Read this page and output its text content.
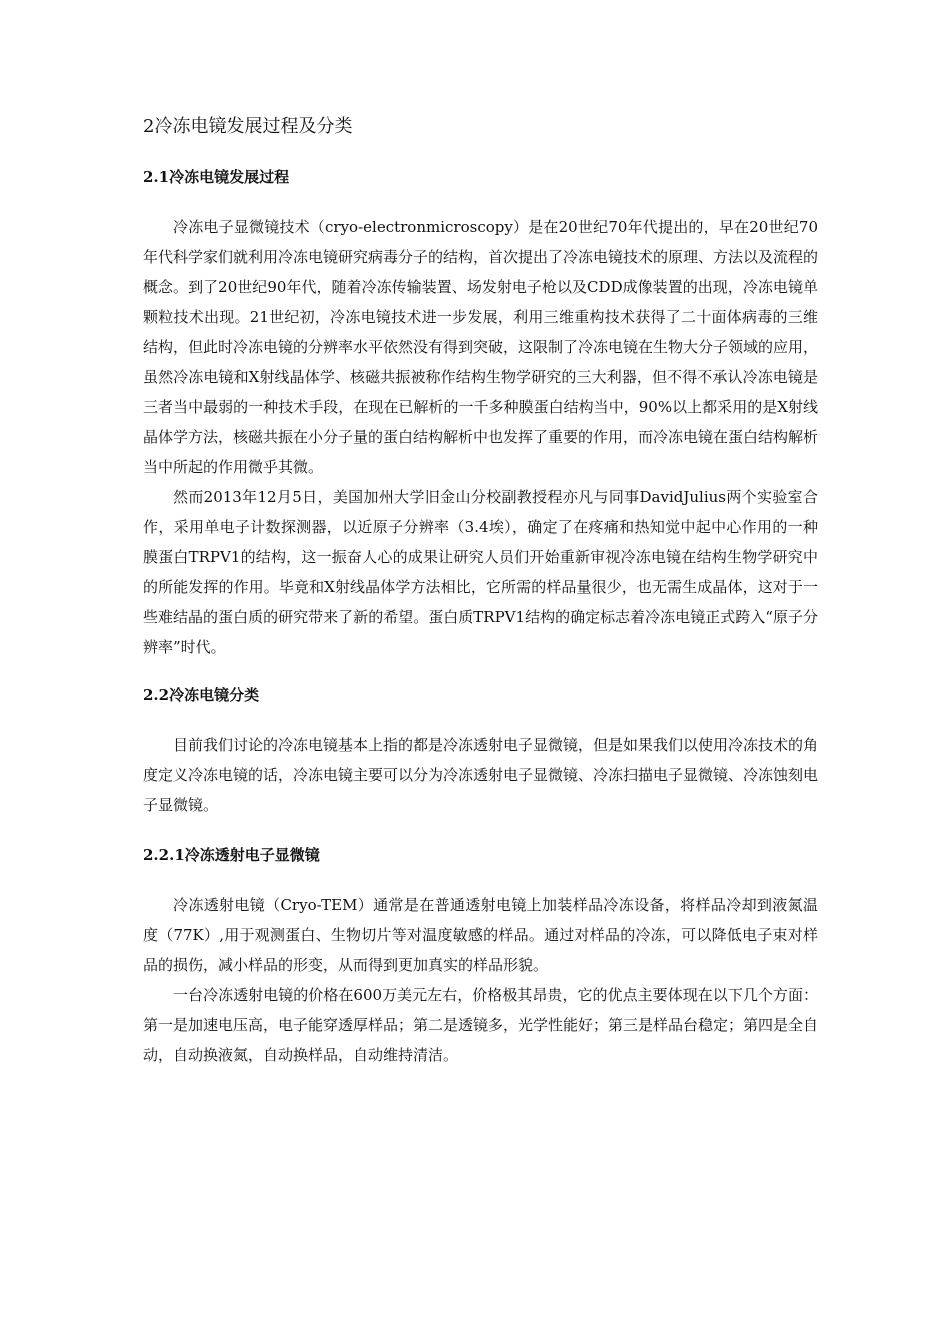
2冷冻电镜发展过程及分类
2.1冷冻电镜发展过程

冷冻电子显微镜技术（cryo-electronmicroscopy）是在20世纪70年代提出的，早在20世纪70年代科学家们就利用冷冻电镜研究病毒分子的结构，首次提出了冷冻电镜技术的原理、方法以及流程的概念。到了20世纪90年代，随着冷冻传输装置、场发射电子枪以及CDD成像装置的出现，冷冻电镜单颗粒技术出现。21世纪初，冷冻电镜技术进一步发展，利用三维重构技术获得了二十面体病毒的三维结构，但此时冷冻电镜的分辨率水平依然没有得到突破，这限制了冷冻电镜在生物大分子领域的应用，虽然冷冻电镜和X射线晶体学、核磁共振被称作结构生物学研究的三大利器，但不得不承认冷冻电镜是三者当中最弱的一种技术手段，在现在已解析的一千多种膜蛋白结构当中，90%以上都采用的是X射线晶体学方法，核磁共振在小分子量的蛋白结构解析中也发挥了重要的作用，而冷冻电镜在蛋白结构解析当中所起的作用微乎其微。

然而2013年12月5日，美国加州大学旧金山分校副教授程亦凡与同事DavidJulius两个实验室合作，采用单电子计数探测器，以近原子分辨率（3.4埃），确定了在疼痛和热知觉中起中心作用的一种膜蛋白TRPV1的结构，这一振奋人心的成果让研究人员们开始重新审视冷冻电镜在结构生物学研究中的所能发挥的作用。毕竟和X射线晶体学方法相比，它所需的样品量很少，也无需生成晶体，这对于一些难结晶的蛋白质的研究带来了新的希望。蛋白质TRPV1结构的确定标志着冷冻电镜正式跨入“原子分辨率”时代。

2.2冷冻电镜分类

目前我们讨论的冷冻电镜基本上指的都是冷冻透射电子显微镜，但是如果我们以使用冷冻技术的角度定义冷冻电镜的话，冷冻电镜主要可以分为冷冻透射电子显微镜、冷冻扫描电子显微镜、冷冻蚀刻电子显微镜。

2.2.1冷冻透射电子显微镜

冷冻透射电镜（Cryo-TEM）通常是在普通透射电镜上加装样品冷冻设备，将样品冷却到液氮温度（77K）,用于观测蛋白、生物切片等对温度敏感的样品。通过对样品的冷冻，可以降低电子束对样品的损伤，减小样品的形变，从而得到更加真实的样品形貌。

一台冷冻透射电镜的价格在600万美元左右，价格极其昂贵，它的优点主要体现在以下几个方面：第一是加速电压高，电子能穿透厚样品；第二是透镜多，光学性能好；第三是样品台稳定；第四是全自动，自动换液氮，自动换样品，自动维持清洁。
